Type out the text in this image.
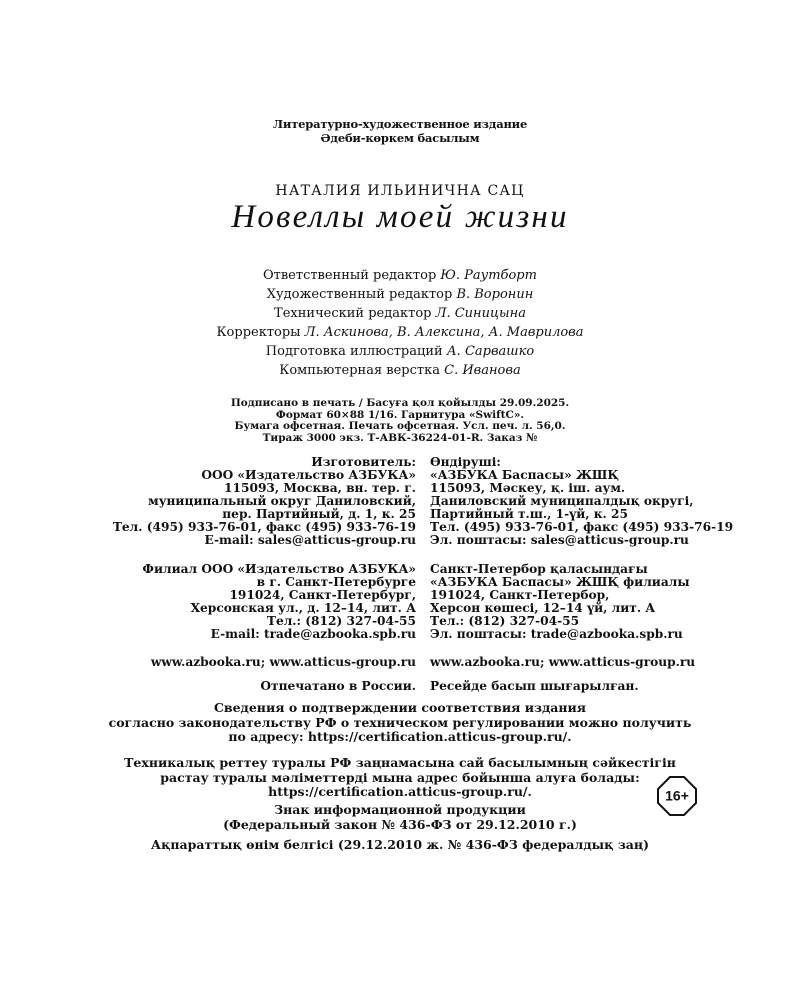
Литературно-художественное издание
Әдеби-көркем басылым
НАТАЛИЯ ИЛЬИНИЧНА САЦ
Новеллы моей жизни
Ответственный редактор Ю. Раутборт
Художественный редактор В. Воронин
Технический редактор Л. Синицына
Корректоры Л. Аскинова, В. Алексина, А. Маврилова
Подготовка иллюстраций А. Сарвашко
Компьютерная верстка С. Иванова
Подписано в печать / Басуға қол қойылды 29.09.2025.
Формат 60×88 1/16. Гарнитура «SwiftC».
Бумага офсетная. Печать офсетная. Усл. печ. л. 56,0.
Тираж 3000 экз. Т-АВК-36224-01-R. Заказ №
Изготовитель:
ООО «Издательство АЗБУКА»
115093, Москва, вн. тер. г.
муниципальный округ Даниловский,
пер. Партийный, д. 1, к. 25
Тел. (495) 933-76-01, факс (495) 933-76-19
E-mail: sales@atticus-group.ru
Өндіруші:
«АЗБУКА Баспасы» ЖШҚ
115093, Мәскеу, қ. іш. аум.
Даниловский муниципалдық округі,
Партийный т.ш., 1-үй, к. 25
Тел. (495) 933-76-01, факс (495) 933-76-19
Эл. поштасы: sales@atticus-group.ru
Филиал ООО «Издательство АЗБУКА»
в г. Санкт-Петербурге
191024, Санкт-Петербург,
Херсонская ул., д. 12–14, лит. А
Тел.: (812) 327-04-55
E-mail: trade@azbooka.spb.ru
Санкт-Петербор қаласындағы
«АЗБУКА Баспасы» ЖШҚ филиалы
191024, Санкт-Петербор,
Херсон көшесі, 12–14 үй, лит. А
Тел.: (812) 327-04-55
Эл. поштасы: trade@azbooka.spb.ru
www.azbooka.ru; www.atticus-group.ru www.azbooka.ru; www.atticus-group.ru
Отпечатано в России. Ресейде басып шығарылған.
Сведения о подтверждении соответствия издания
согласно законодательству РФ о техническом регулировании можно получить
по адресу: https://certification.atticus-group.ru/.
Техникалық реттеу туралы РФ заңнамасына сай басылымның сәйкестігін
растау туралы мәліметтерді мына адрес бойынша алуға болады:
https://certification.atticus-group.ru/.	16+
Знак информационной продукции
(Федеральный закон № 436-ФЗ от 29.12.2010 г.)
Ақпараттық өнім белгісі (29.12.2010 ж. № 436-ФЗ федералдық заң)
